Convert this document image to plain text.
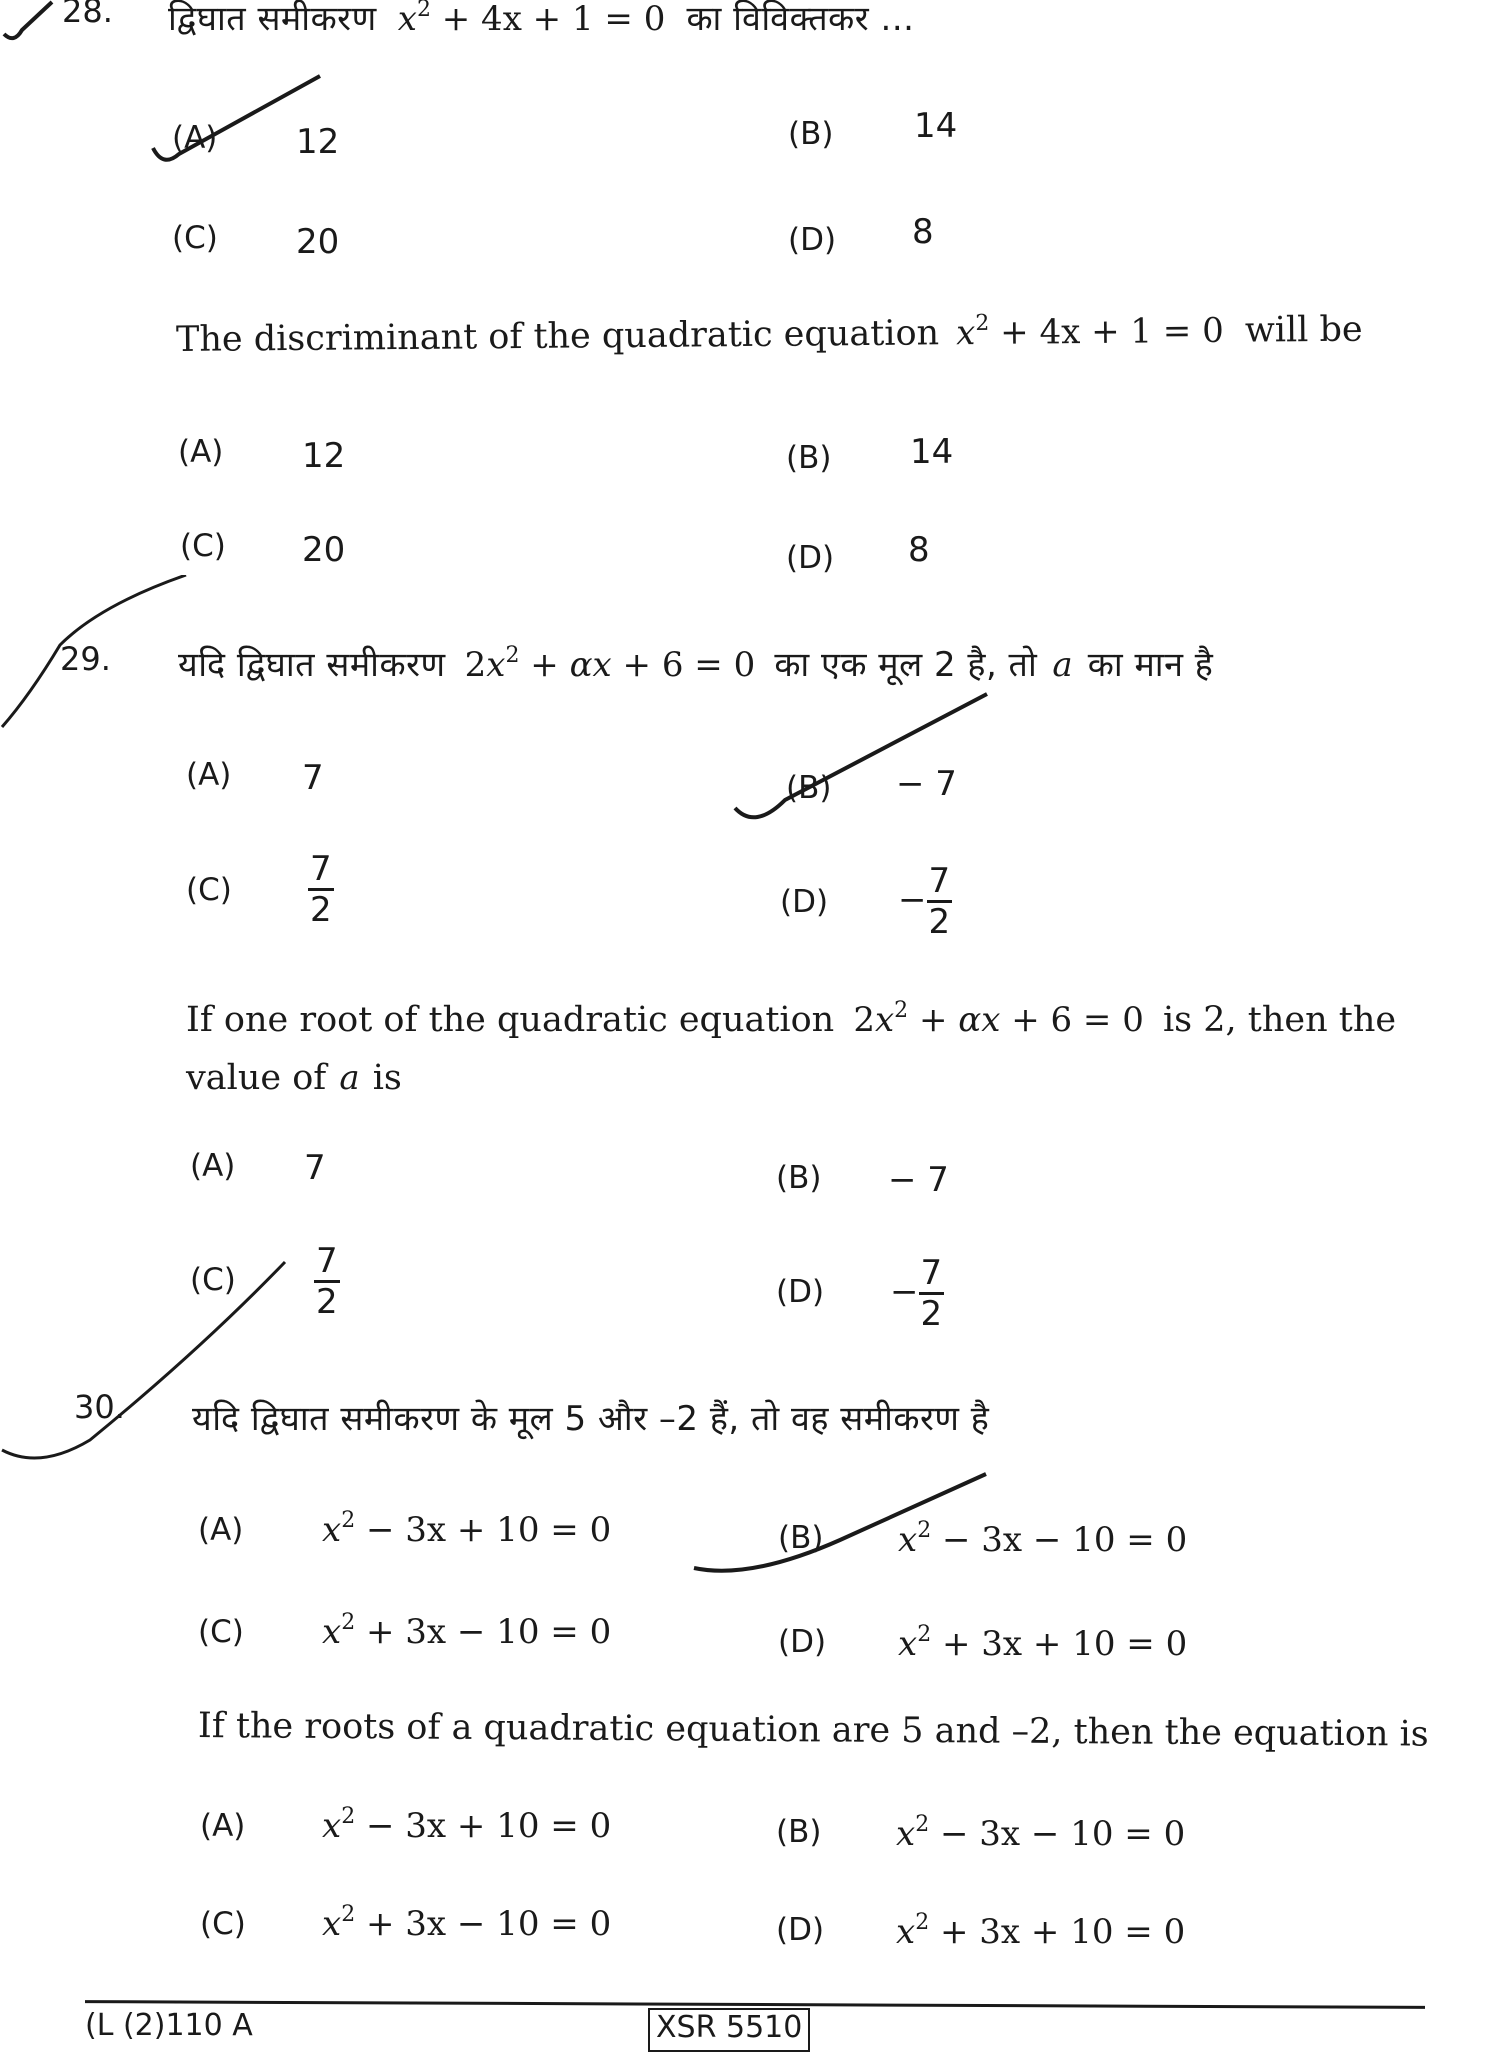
28. द्विघात समीकरण $x^2 + 4x + 1 = 0$ का विविक्तकर ...
(A) 12	(B) 14
(C) 20	(D) 8
The discriminant of the quadratic equation $x^2 + 4x + 1 = 0$ will be
(A) 12	(B) 14
(C) 20	(D) 8
29. यदि द्विघात समीकरण $2x^2 + \alpha x + 6 = 0$ का एक मूल 2 है, तो a का मान है
(A) 7	(B) − 7
$(C) \frac{7}{2}$	$(D) - \frac{7}{2}$
If one root of the quadratic equation $2x^2 + \alpha x + 6 = 0$ is 2, then the
value of a is
(A) 7	(B) − 7
$(C) \frac{7}{2}$	$(D) - \frac{7}{2}$
30. यदि द्विघात समीकरण के मूल 5 और –2 हैं, तो वह समीकरण है
(A) $x^2 - 3x + 10 = 0$	(B) $x^2 - 3x - 10 = 0$
(C) $x^2 + 3x - 10 = 0$	(D) $x^2 + 3x + 10 = 0$
If the roots of a quadratic equation are 5 and –2, then the equation is
(A) $x^2 - 3x + 10 = 0$	(B) $x^2 - 3x - 10 = 0$
(C) $x^2 + 3x - 10 = 0$	(D) $x^2 + 3x + 10 = 0$
(L (2)110 A	XSR 5510
